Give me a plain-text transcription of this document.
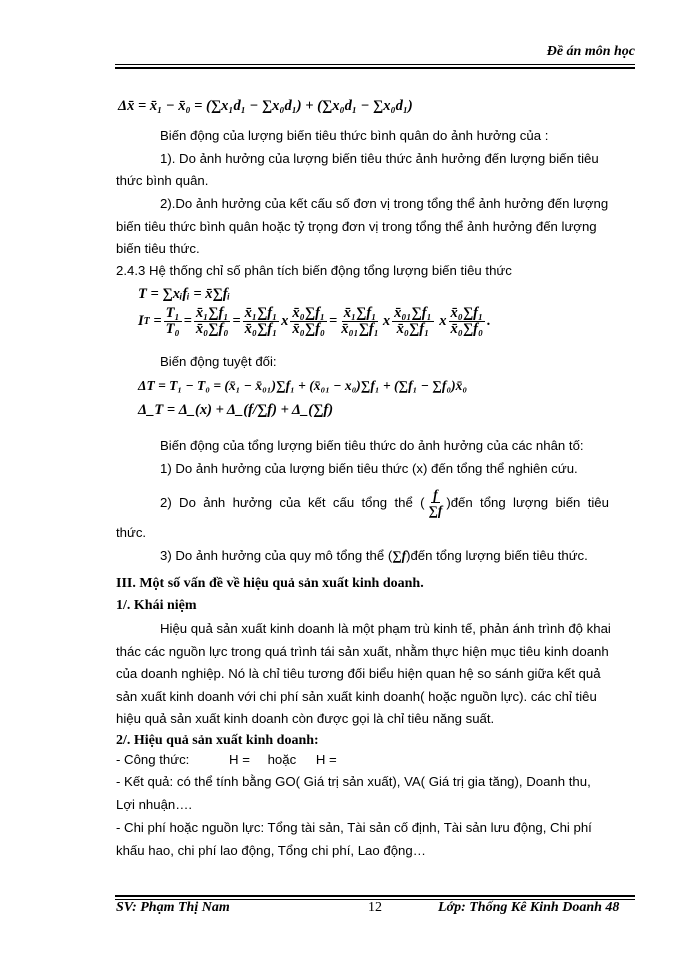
Đề án môn học
Δx̄ = x̄₁ − x̄₀ = (∑x₁d₁ − ∑x₀d₁) + (∑x₀d₁ − ∑x₀d₁)
Biến động của lượng biến tiêu thức bình quân do ảnh hưởng của :
1). Do ảnh hưởng của lượng biến tiêu thức ảnh hưởng đến lượng biến tiêu
thức bình quân.
2).Do ảnh hưởng của kết cấu số đơn vị trong tổng thể ảnh hưởng đến lượng
biến tiêu thức bình quân hoặc tỷ trọng đơn vị trong tổng thể ảnh hưởng đến lượng
biến tiêu thức.
2.4.3 Hệ thống chỉ số phân tích biến động tổng lượng biến tiêu thức
T = ∑xᵢfᵢ = x̄∑fᵢ
I $T = \frac{\text{T₁}}{\text{T₀}} = \frac{\text{x̄₁∑f₁}}{\text{x̄₀∑f₀}} = \frac{\text{x̄₁∑f₁}}{\text{x̄₀∑f₁}}$ x $\frac{\text{x̄₀∑f₁}}{\text{x̄₀∑f₀}} = \frac{\text{x̄₁∑f₁}}{\text{x̄₀₁∑f₁}}$ x $\frac{\text{x̄₀₁∑f₁}}{\text{x̄₀∑f₁}}$ x $\frac{\text{x̄₀∑f₁}}{\text{x̄₀∑f₀}}$ .
Biến động tuyệt đối:
ΔT = T₁ − T₀ = (x̄₁ − x̄₀₁)∑f₁ + (x̄₀₁ − x₀)∑f₁ + (∑f₁ − ∑f₀)x̄₀
Δ_T = Δ_(x) + Δ_(f/∑f) + Δ_(∑f)
Biến động của tổng lượng biến tiêu thức do ảnh hưởng của các nhân tố:
1) Do ảnh hưởng của lượng biến tiêu thức (x) đến tổng thể nghiên cứu.
2)  Do  ảnh  hưởng  của  kết  cấu  tổng  thể  ( $\frac{f}{\sum f}$ )đến  tổng  lượng  biến  tiêu
thức.
3) Do ảnh hưởng của quy mô tổng thể (∑f)đến tổng lượng biến tiêu thức.
III. Một số vấn đề về hiệu quả sản xuất kinh doanh.
1/. Khái niệm
Hiệu quả sản xuất kinh doanh là một phạm trù kinh tế, phản ánh trình độ khai
thác các nguồn lực trong quá trình tái sản xuất, nhằm thực hiện mục tiêu kinh doanh
của doanh nghiệp. Nó là chỉ tiêu tương đối biểu hiện quan hệ so sánh giữa kết quả
sản xuất kinh doanh với chi phí sản xuất kinh doanh( hoặc nguồn lực). các chỉ tiêu
hiệu quả sản xuất kinh doanh còn được gọi là chỉ tiêu năng suất.
2/. Hiệu quả sản xuất kinh doanh:
- Công thức:	H = hoặc H =
- Kết quả: có thể tính bằng GO( Giá trị sản xuất), VA( Giá trị gia tăng), Doanh thu,
Lợi nhuận….
- Chi phí hoặc nguồn lực: Tổng tài sản, Tài sản cố định, Tài sản lưu động, Chi phí
khấu hao, chi phí lao động, Tổng chi phí, Lao động…
SV: Phạm Thị Nam	12	Lớp: Thống Kê Kinh Doanh 48
